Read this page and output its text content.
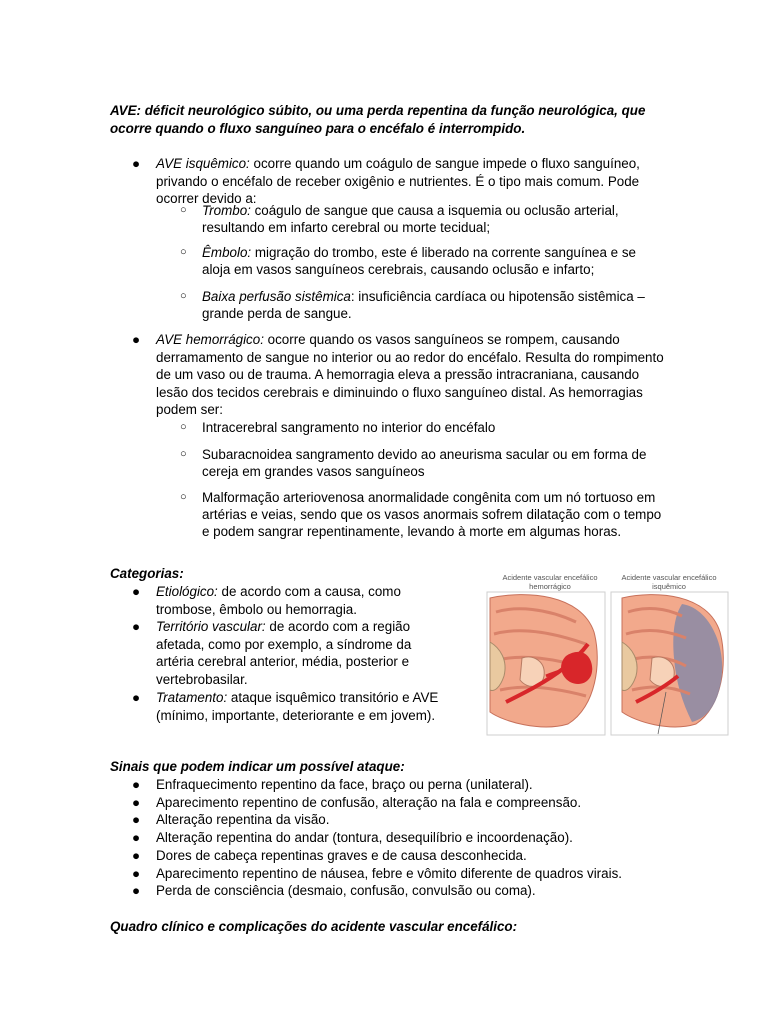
AVE: déficit neurológico súbito, ou uma perda repentina da função neurológica, que
ocorre quando o fluxo sanguíneo para o encéfalo é interrompido.
● AVE isquêmico: ocorre quando um coágulo de sangue impede o fluxo sanguíneo,
privando o encéfalo de receber oxigênio e nutrientes. É o tipo mais comum. Pode
ocorrer devido a:
○ Trombo: coágulo de sangue que causa a isquemia ou oclusão arterial,
resultando em infarto cerebral ou morte tecidual;
○ Êmbolo: migração do trombo, este é liberado na corrente sanguínea e se
aloja em vasos sanguíneos cerebrais, causando oclusão e infarto;
○ Baixa perfusão sistêmica: insuficiência cardíaca ou hipotensão sistêmica –
grande perda de sangue.
● AVE hemorrágico: ocorre quando os vasos sanguíneos se rompem, causando
derramamento de sangue no interior ou ao redor do encéfalo. Resulta do rompimento
de um vaso ou de trauma. A hemorragia eleva a pressão intracraniana, causando
lesão dos tecidos cerebrais e diminuindo o fluxo sanguíneo distal. As hemorragias
podem ser:
○ Intracerebral sangramento no interior do encéfalo
○ Subaracnoidea sangramento devido ao aneurisma sacular ou em forma de
cereja em grandes vasos sanguíneos
○ Malformação arteriovenosa anormalidade congênita com um nó tortuoso em
artérias e veias, sendo que os vasos anormais sofrem dilatação com o tempo
e podem sangrar repentinamente, levando à morte em algumas horas.
Categorias:
● Etiológico: de acordo com a causa, como
trombose, êmbolo ou hemorragia.
● Território vascular: de acordo com a região
afetada, como por exemplo, a síndrome da
artéria cerebral anterior, média, posterior e
vertebrobasilar.
● Tratamento: ataque isquêmico transitório e AVE
(mínimo, importante, deteriorante e em jovem).
Acidente vascular encefálico
hemorrágico
Acidente vascular encefálico
isquêmico
Sinais que podem indicar um possível ataque:
● Enfraquecimento repentino da face, braço ou perna (unilateral).
● Aparecimento repentino de confusão, alteração na fala e compreensão.
● Alteração repentina da visão.
● Alteração repentina do andar (tontura, desequilíbrio e incoordenação).
● Dores de cabeça repentinas graves e de causa desconhecida.
● Aparecimento repentino de náusea, febre e vômito diferente de quadros virais.
● Perda de consciência (desmaio, confusão, convulsão ou coma).
Quadro clínico e complicações do acidente vascular encefálico:
